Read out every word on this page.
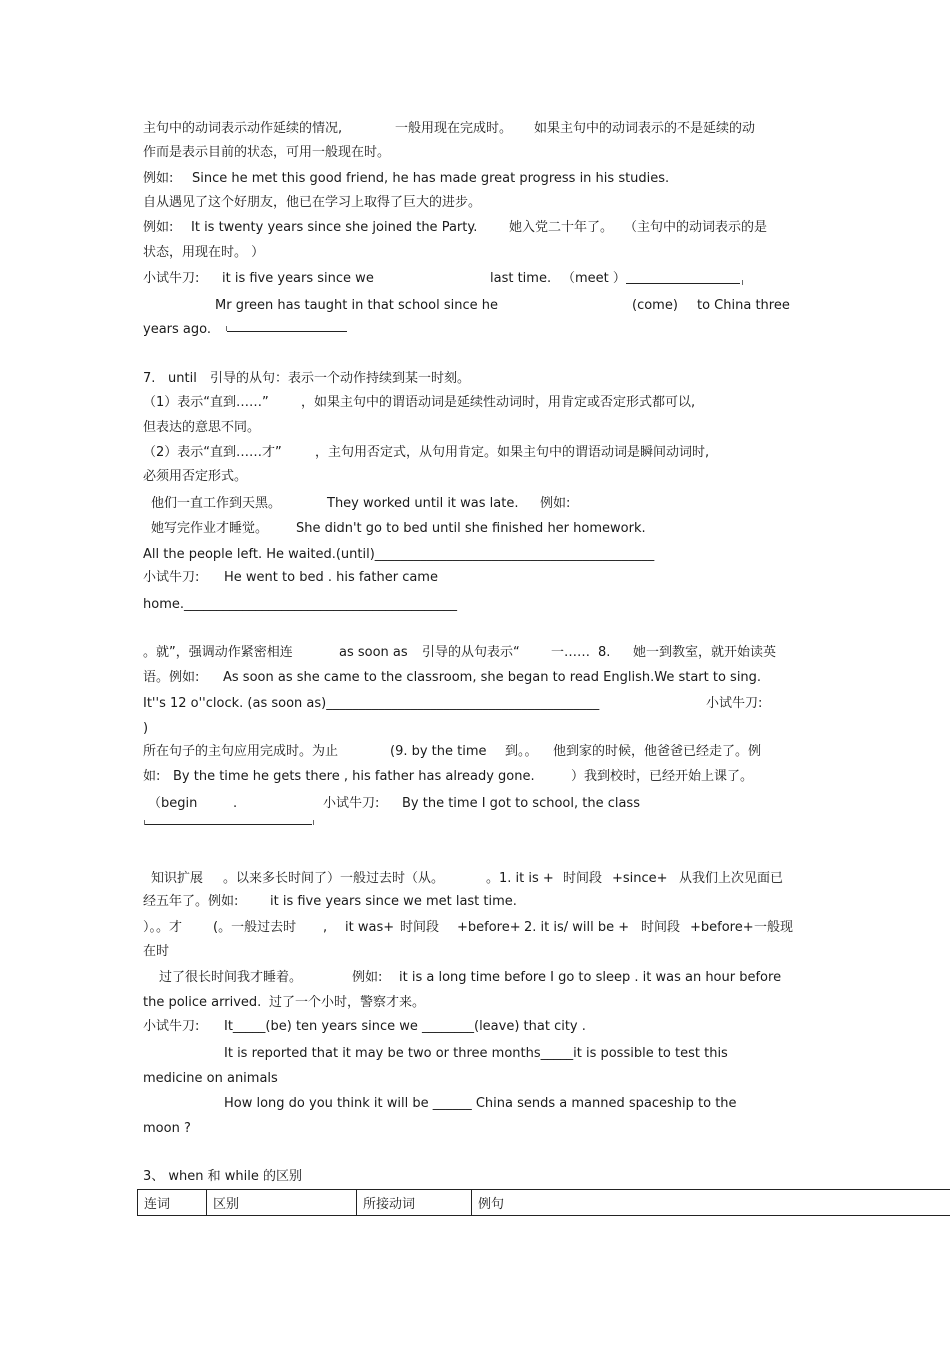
主句中的动词表示动作延续的情况,	一般用现在完成时。 如果主句中的动词表示的不是延续的动
作而是表示目前的状态，可用一般现在时。
例如: Since he met this good friend, he has made great progress in his studies.
自从遇见了这个好朋友，他已在学习上取得了巨大的进步。
例如: It is twenty years since she joined the Party. 她入党二十年了。 （主句中的动词表示的是
状态，用现在时。 ）
小试牛刀: it is five years since we	last time. （meet ）
Mr green has taught in that school since he	(come) to China three
years ago.
7. until 引导的从句：表示一个动作持续到某一时刻。
（1）表示“直到……” ，如果主句中的谓语动词是延续性动词时，用肯定或否定形式都可以,
但表达的意思不同。
（2）表示“直到……才”	，主句用否定式，从句用肯定。如果主句中的谓语动词是瞬间动词时,
必须用否定形式。
他们一直工作到天黑。	They worked until it was late. 例如:
她写完作业才睡觉。 She didn't go to bed until she finished her homework.
All the people left. He waited.(until)___________________________________________
小试牛刀: He went to bed . his father came
home.__________________________________________
。就”，强调动作紧密相连	as soon as 引导的从句表示“ 一…… 8. 她一到教室，就开始读英
语。例如: As soon as she came to the classroom, she began to read English.We start to sing.
It''s 12 o''clock. (as soon as)__________________________________________	小试牛刀:
)
所在句子的主句应用完成时。为止	(9. by the time 到。。 他到家的时候，他爸爸已经走了。例
如: By the time he gets there , his father has already gone.	）我到校时，已经开始上课了。
（begin	.	小试牛刀: By the time I got to school, the class
知识扩展 。以来多长时间了）一般过去时（从。	。1. it is + 时间段 +since+ 从我们上次见面已
经五年了。例如: it is five years since we met last time.
）。。才 (。一般过去时 , it was+ 时间段 +before+ 2. it is/ will be + 时间段 +before+ 一般现
在时
过了很长时间我才睡着。	例如: it is a long time before I go to sleep . it was an hour before
the police arrived. 过了一个小时，警察才来。
小试牛刀: It_____(be) ten years since we ________(leave) that city .
It is reported that it may be two or three months_____it is possible to test this
medicine on animals
How long do you think it will be ______ China sends a manned spaceship to the
moon ?
3、 when 和 while 的区别
连词	区别	所接动词	例句
